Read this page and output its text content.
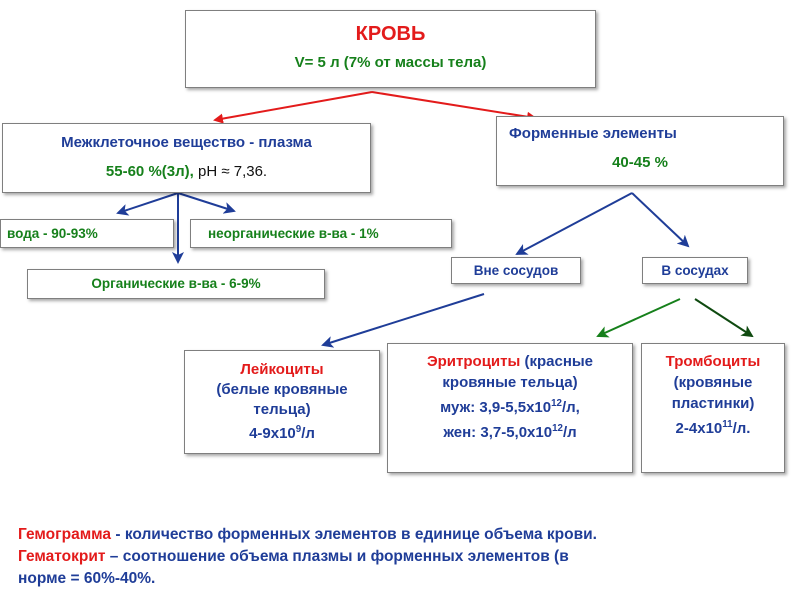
КРОВЬ
V= 5 л (7% от массы тела)
Межклеточное вещество - плазма
55-60 %(3л), pH ≈ 7,36.
Форменные элементы
40-45 %
вода - 90-93%	неорганические в-ва - 1%
Органические в-ва - 6-9%
Вне сосудов	В сосудах
Лейкоциты
(белые кровяные
тельца)
$4-9x10^9/л$
Эритроциты (красные
кровяные тельца)
муж: $3,9-5,5x10^{12}/л$,
жен: $3,7-5,0x10^{12}/л$
Тромбоциты
(кровяные
пластинки)
$2-4x10^{11}/л$.
Гемограмма - количество форменных элементов в единице объема крови.
Гематокрит – соотношение объема плазмы и форменных элементов (в
норме = 60%-40%.
